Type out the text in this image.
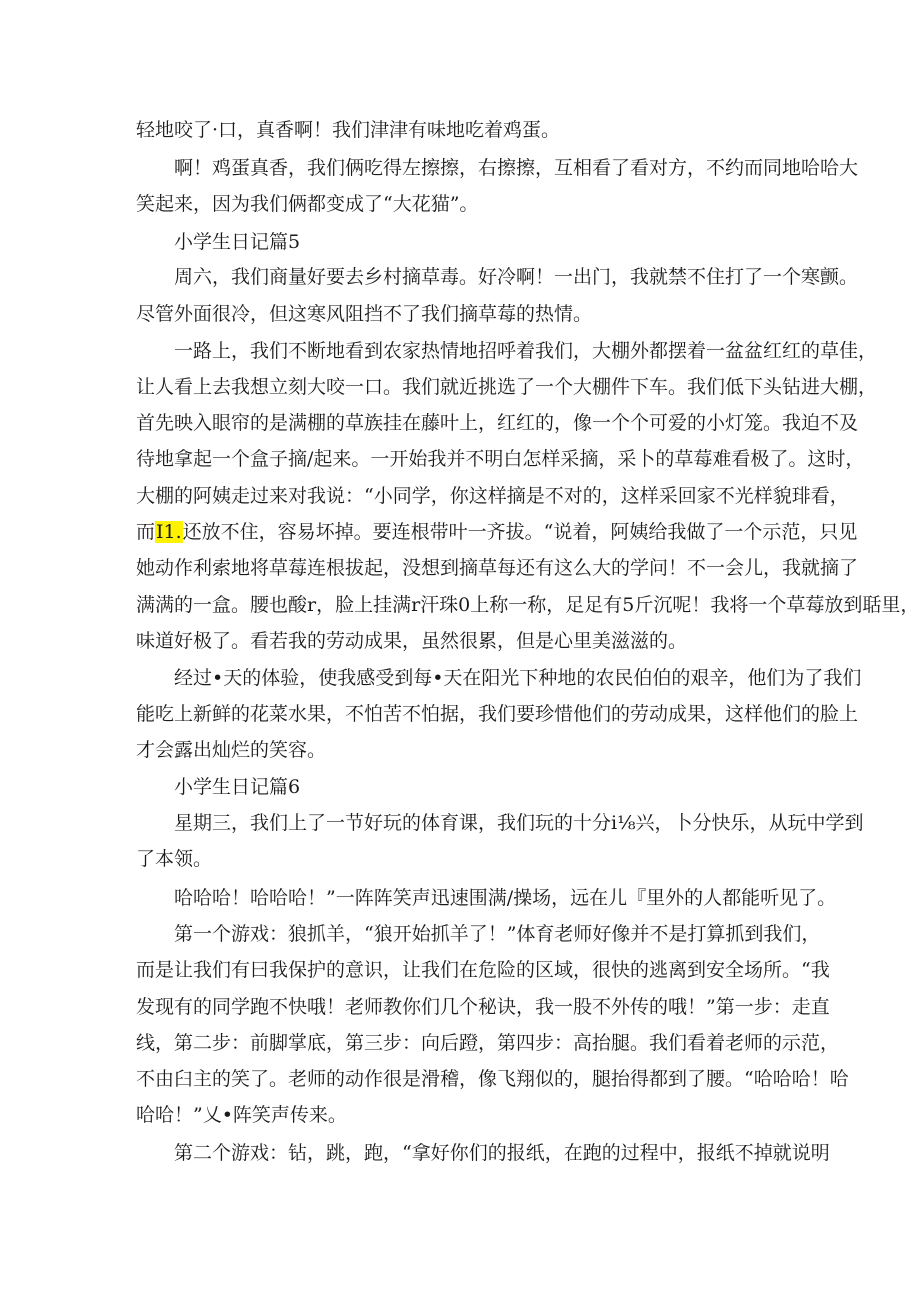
轻地咬了·口，真香啊！我们津津有味地吃着鸡蛋。
啊！鸡蛋真香，我们俩吃得左擦擦，右擦擦，互相看了看对方，不约而同地哈哈大
笑起来，因为我们俩都变成了“大花猫”。
小学生日记篇5
周六，我们商量好要去乡村摘草毒。好冷啊！一出门，我就禁不住打了一个寒颤。
尽管外面很冷，但这寒风阻挡不了我们摘草莓的热情。
一路上，我们不断地看到农家热情地招呼着我们，大棚外都摆着一盆盆红红的草佳，
让人看上去我想立刻大咬一口。我们就近挑选了一个大棚件下车。我们低下头钻进大棚，
首先映入眼帘的是满棚的草族挂在藤叶上，红红的，像一个个可爱的小灯笼。我迫不及
待地拿起一个盒子摘/起来。一开始我并不明白怎样采摘，采卜的草莓难看极了。这时，
大棚的阿姨走过来对我说：“小同学，你这样摘是不对的，这样采回家不光样貌琲看，
而I1.还放不住，容易坏掉。要连根带叶一齐拔。“说着，阿姨给我做了一个示范，只见
她动作利索地将草莓连根拔起，没想到摘草每还有这么大的学问！不一会儿，我就摘了
满满的一盒。腰也酸r，脸上挂满r汗珠0上称一称，足足有5斤沉呢！我将一个草莓放到聒里，
味道好极了。看若我的劳动成果，虽然很累，但是心里美滋滋的。
经过•天的体验，使我感受到每•天在阳光下种地的农民伯伯的艰辛，他们为了我们
能吃上新鲜的花菜水果，不怕苦不怕据，我们要珍惜他们的劳动成果，这样他们的脸上
才会露出灿烂的笑容。
小学生日记篇6
星期三，我们上了一节好玩的体育课，我们玩的十分i⅛兴，卜分快乐，从玩中学到
了本领。
哈哈哈！哈哈哈！”一阵阵笑声迅速围满/操场，远在儿『里外的人都能听见了。
第一个游戏：狼抓羊，“狼开始抓羊了！”体育老师好像并不是打算抓到我们，
而是让我们有曰我保护的意识，让我们在危险的区域，很快的逃离到安全场所。“我
发现有的同学跑不快哦！老师教你们几个秘诀，我一股不外传的哦！”第一步：走直
线，第二步：前脚掌底，第三步：向后蹬，第四步：高抬腿。我们看着老师的示范，
不由臼主的笑了。老师的动作很是滑稽，像飞翔似的，腿抬得都到了腰。“哈哈哈！哈
哈哈！”乂•阵笑声传来。
第二个游戏：钻，跳，跑，“拿好你们的报纸，在跑的过程中，报纸不掉就说明
